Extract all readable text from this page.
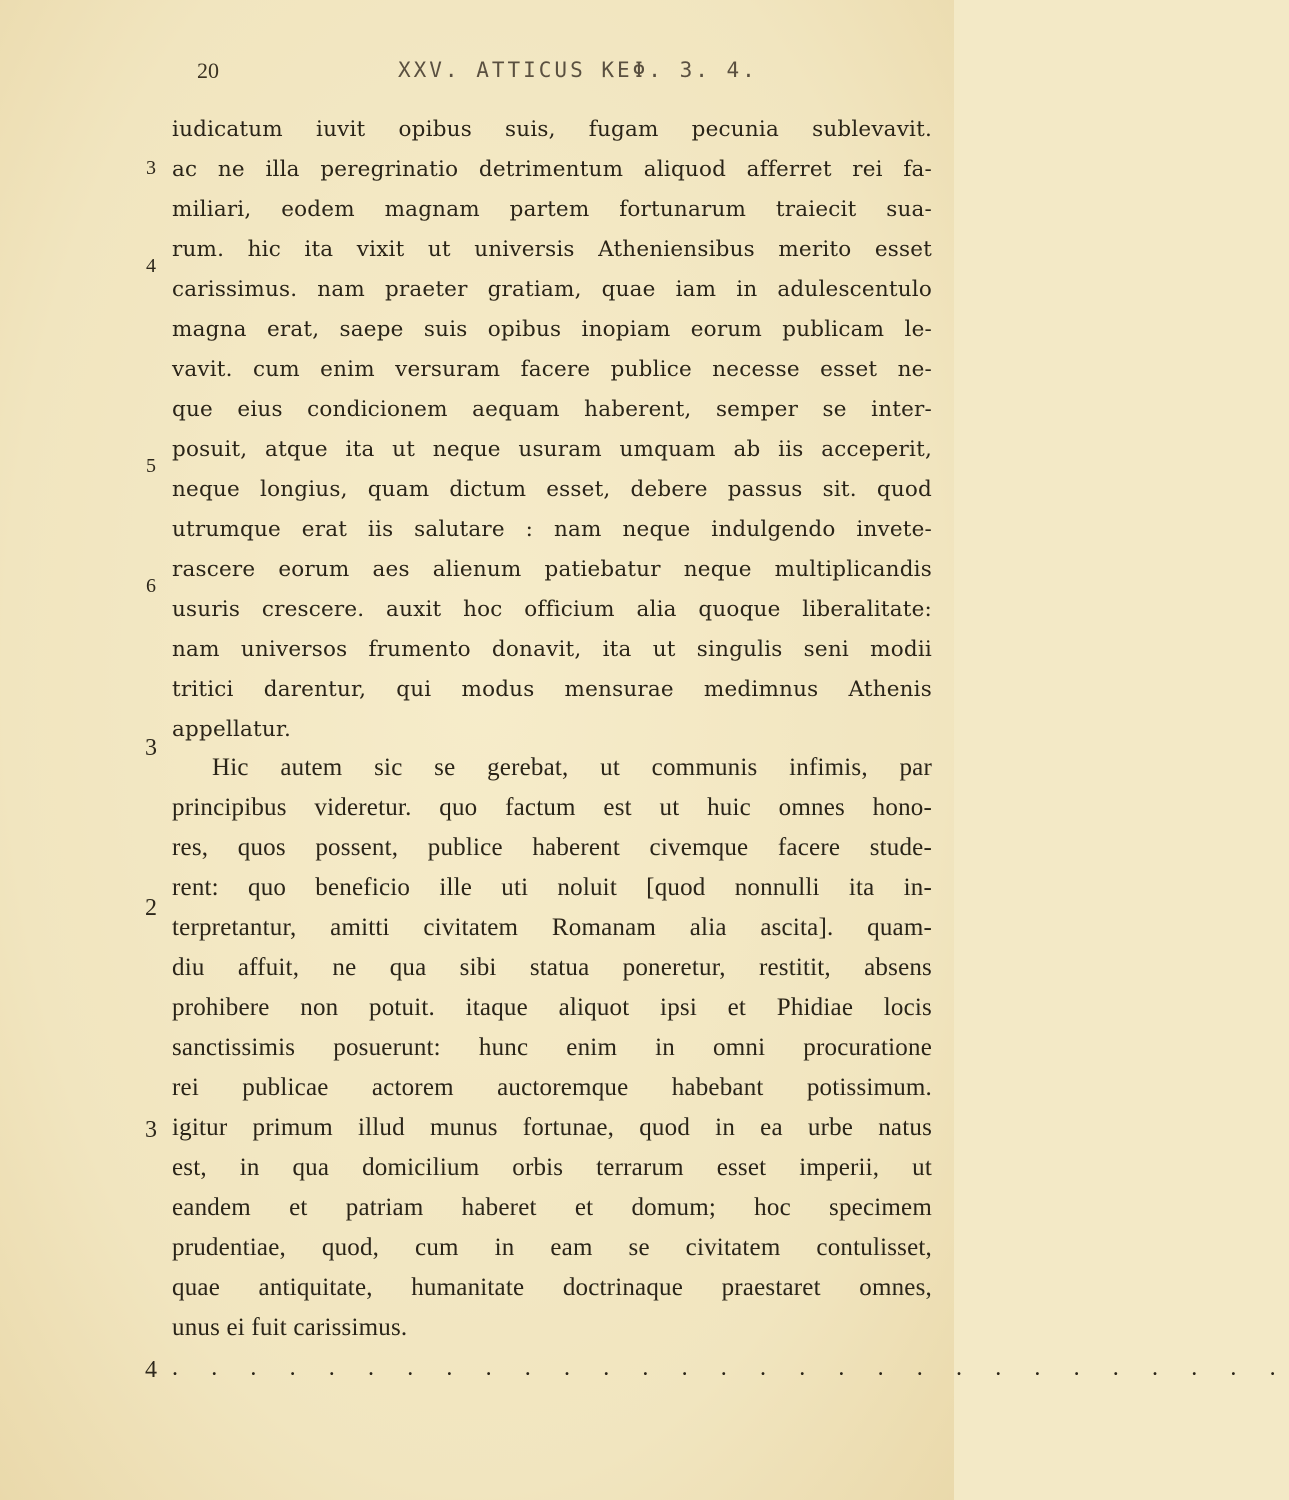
20	XXV. ATTICUS ΚΕΦ. 3. 4.
iudicatum iuvit opibus suis, fugam pecunia sublevavit.
3 ac ne illa peregrinatio detrimentum aliquod afferret rei fa-
miliari, eodem magnam partem fortunarum traiecit sua-
rum. hic ita vixit ut universis Atheniensibus merito esset
4
carissimus. nam praeter gratiam, quae iam in adulescentulo
magna erat, saepe suis opibus inopiam eorum publicam le-
vavit. cum enim versuram facere publice necesse esset ne-
que eius condicionem aequam haberent, semper se inter-
posuit, atque ita ut neque usuram umquam ab iis acceperit,
5
neque longius, quam dictum esset, debere passus sit. quod
utrumque erat iis salutare : nam neque indulgendo invete-
rascere eorum aes alienum patiebatur neque multiplicandis
6
usuris crescere. auxit hoc officium alia quoque liberalitate:
nam universos frumento donavit, ita ut singulis seni modii
tritici darentur, qui modus mensurae medimnus Athenis
appellatur.
3
Hic autem sic se gerebat, ut communis infimis, par
principibus videretur. quo factum est ut huic omnes hono-
res, quos possent, publice haberent civemque facere stude-
rent: quo beneficio ille uti noluit [quod nonnulli ita in-
2
terpretantur, amitti civitatem Romanam alia ascita]. quam-
diu affuit, ne qua sibi statua poneretur, restitit, absens
prohibere non potuit. itaque aliquot ipsi et Phidiae locis
sanctissimis posuerunt: hunc enim in omni procuratione
rei publicae actorem auctoremque habebant potissimum.
3 igitur primum illud munus fortunae, quod in ea urbe natus
est, in qua domicilium orbis terrarum esset imperii, ut
eandem et patriam haberet et domum; hoc specimem
prudentiae, quod, cum in eam se civitatem contulisset,
quae antiquitate, humanitate doctrinaque praestaret omnes,
unus ei fuit carissimus.
4 . . . . . . . . . . . . . . . . . . . . . . . . . . . . .
